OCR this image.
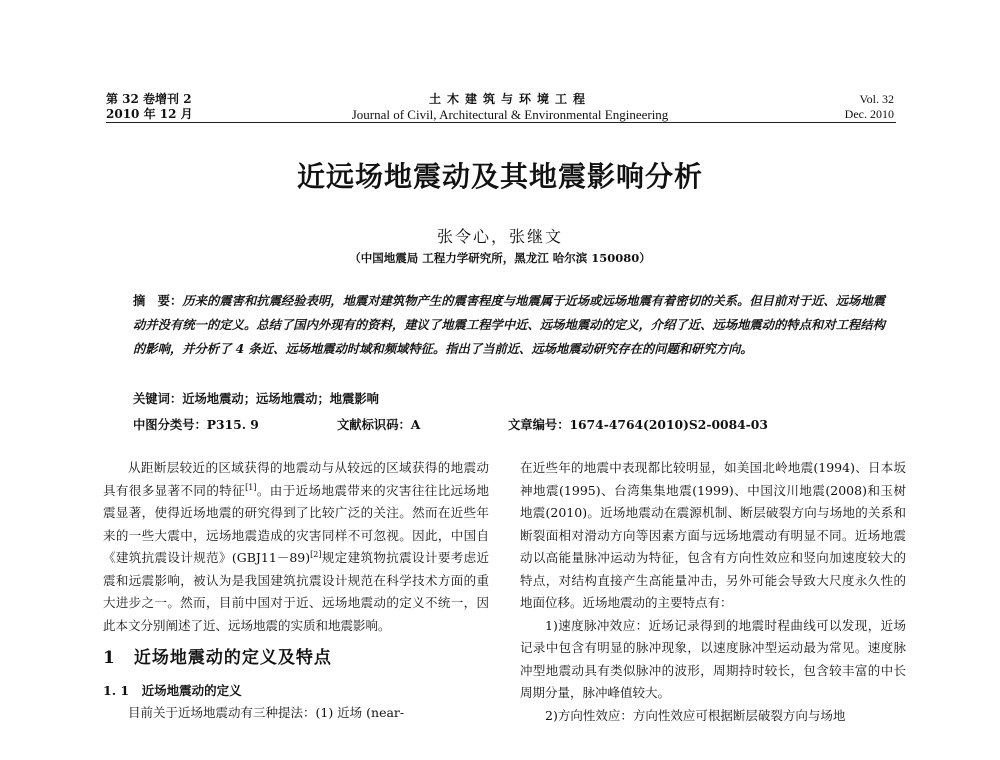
第 32 卷增刊 2
2010 年 12 月
土木建筑与环境工程
Journal of Civil, Architectural & Environmental Engineering
Vol. 32
Dec. 2010
近远场地震动及其地震影响分析
张令心，张继文
（中国地震局 工程力学研究所，黑龙江 哈尔滨 150080）
摘　要：历来的震害和抗震经验表明，地震对建筑物产生的震害程度与地震属于近场或远场地震有着密切的关系。但目前对于近、远场地震动并没有统一的定义。总结了国内外现有的资料，建议了地震工程学中近、远场地震动的定义，介绍了近、远场地震动的特点和对工程结构的影响，并分析了 4 条近、远场地震动时域和频域特征。指出了当前近、远场地震动研究存在的问题和研究方向。
关键词：近场地震动；远场地震动；地震影响
中图分类号：P315. 9	文献标识码：A	文章编号：1674-4764(2010)S2-0084-03

从距断层较近的区域获得的地震动与从较远的区域获得的地震动具有很多显著不同的特征[1]。由于近场地震带来的灾害往往比远场地震显著，使得近场地震的研究得到了比较广泛的关注。然而在近些年来的一些大震中，远场地震造成的灾害同样不可忽视。因此，中国自《建筑抗震设计规范》(GBJ11－89)[2]规定建筑物抗震设计要考虑近震和远震影响，被认为是我国建筑抗震设计规范在科学技术方面的重大进步之一。然而，目前中国对于近、远场地震动的定义不统一，因此本文分别阐述了近、远场地震的实质和地震影响。

1　近场地震动的定义及特点
1. 1　近场地震动的定义

目前关于近场地震动有三种提法：(1) 近场 (near-

在近些年的地震中表现都比较明显，如美国北岭地震(1994)、日本坂神地震(1995)、台湾集集地震(1999)、中国汶川地震(2008)和玉树地震(2010)。近场地震动在震源机制、断层破裂方向与场地的关系和断裂面相对滑动方向等因素方面与远场地震动有明显不同。近场地震动以高能量脉冲运动为特征，包含有方向性效应和竖向加速度较大的特点，对结构直接产生高能量冲击，另外可能会导致大尺度永久性的地面位移。近场地震动的主要特点有：

1)速度脉冲效应：近场记录得到的地震时程曲线可以发现，近场记录中包含有明显的脉冲现象，以速度脉冲型运动最为常见。速度脉冲型地震动具有类似脉冲的波形，周期持时较长，包含较丰富的中长周期分量，脉冲峰值较大。

2)方向性效应：方向性效应可根据断层破裂方向与场地
